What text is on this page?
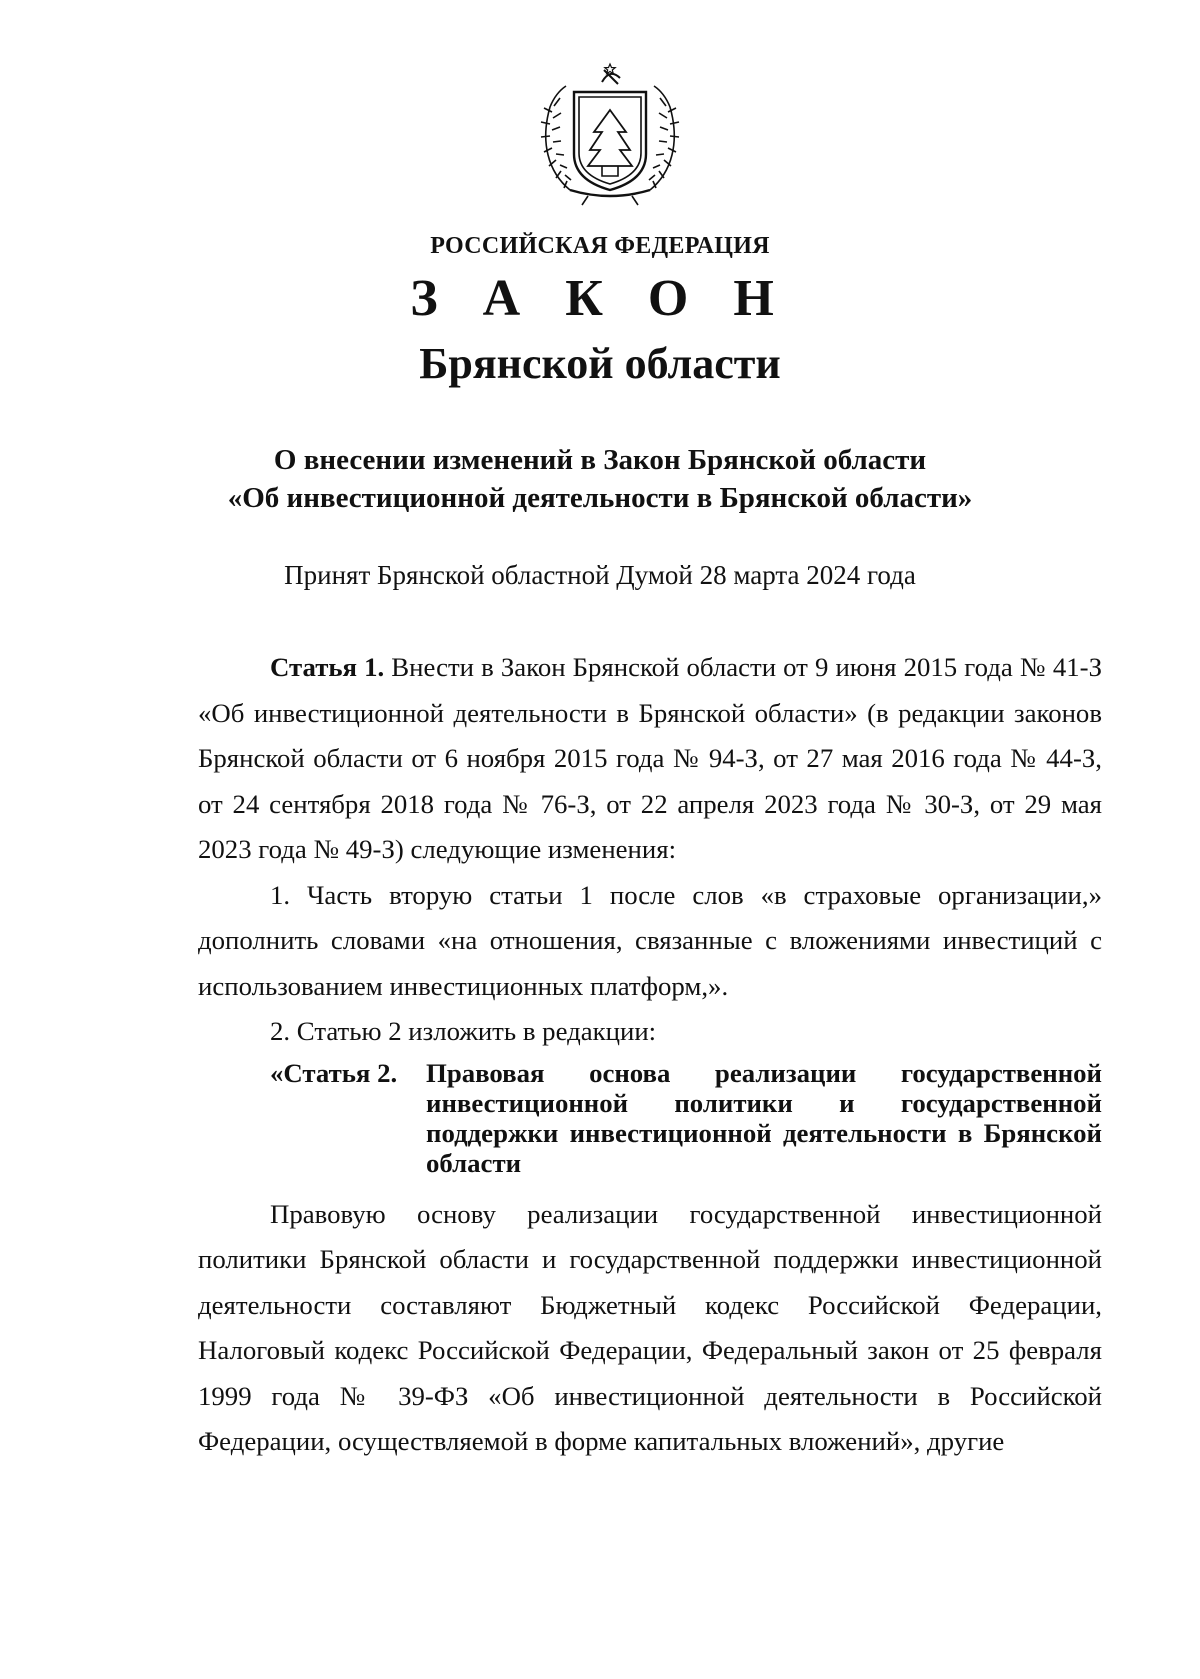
РОССИЙСКАЯ ФЕДЕРАЦИЯ
З А К О Н
Брянской области
О внесении изменений в Закон Брянской области
«Об инвестиционной деятельности в Брянской области»
Принят Брянской областной Думой 28 марта 2024 года

Статья 1. Внести в Закон Брянской области от 9 июня 2015 года № 41-З «Об инвестиционной деятельности в Брянской области» (в редакции законов Брянской области от 6 ноября 2015 года № 94-З, от 27 мая 2016 года № 44-З, от 24 сентября 2018 года № 76-З, от 22 апреля 2023 года № 30-З, от 29 мая 2023 года № 49-З) следующие изменения:

1. Часть вторую статьи 1 после слов «в страховые организации,» дополнить словами «на отношения, связанные с вложениями инвестиций с использованием инвестиционных платформ,».

2. Статью 2 изложить в редакции:

«Статья 2. Правовая основа реализации государственной инвестиционной политики и государственной поддержки инвестиционной деятельности в Брянской области

Правовую основу реализации государственной инвестиционной политики Брянской области и государственной поддержки инвестиционной деятельности составляют Бюджетный кодекс Российской Федерации, Налоговый кодекс Российской Федерации, Федеральный закон от 25 февраля 1999 года № 39-ФЗ «Об инвестиционной деятельности в Российской Федерации, осуществляемой в форме капитальных вложений», другие
